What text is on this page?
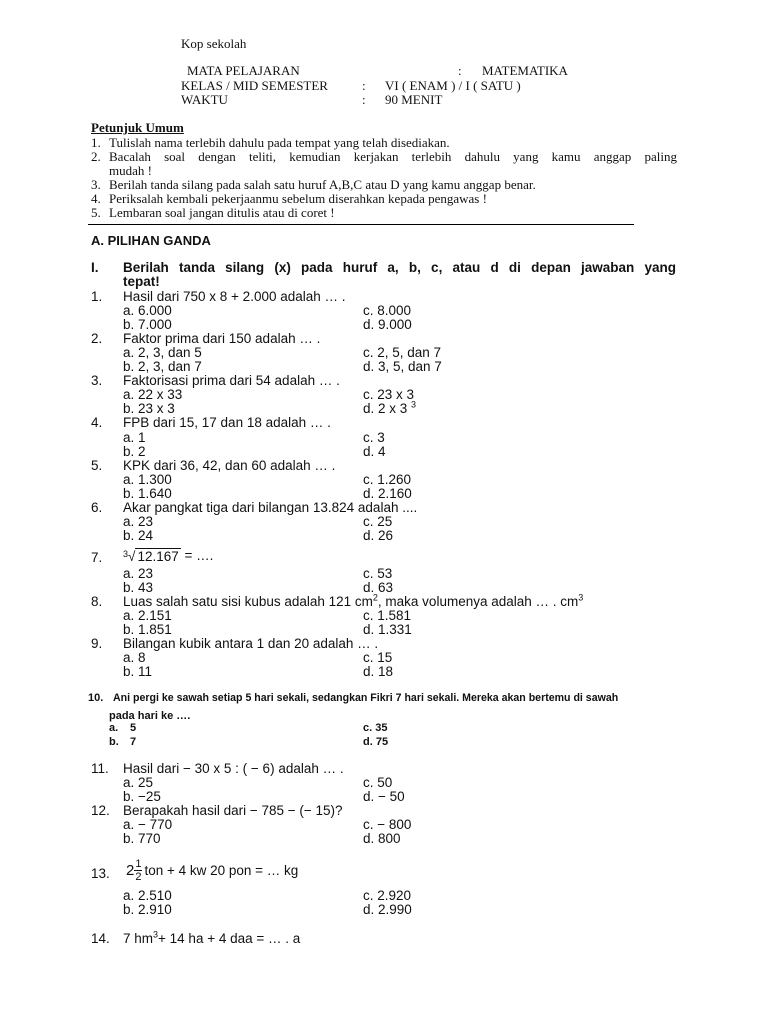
Kop sekolah
MATA PELAJARAN	: MATEMATIKA
KELAS / MID SEMESTER	: VI ( ENAM ) / I ( SATU )
WAKTU	: 90 MENIT
Petunjuk Umum
1. Tulislah nama terlebih dahulu pada tempat yang telah disediakan.
2. Bacalah soal dengan teliti, kemudian kerjakan terlebih dahulu yang kamu anggap paling
mudah !
3. Berilah tanda silang pada salah satu huruf A,B,C atau D yang kamu anggap benar.
4. Periksalah kembali pekerjaanmu sebelum diserahkan kepada pengawas !
5. Lembaran soal jangan ditulis atau di coret !
A. PILIHAN GANDA
I. Berilah tanda silang (x) pada huruf a, b, c, atau d di depan jawaban yang
tepat!
1. Hasil dari 750 x 8 + 2.000 adalah … .
a. 6.000	c. 8.000
b. 7.000	d. 9.000
2. Faktor prima dari 150 adalah … .
a. 2, 3, dan 5	c. 2, 5, dan 7
b. 2, 3, dan 7	d. 3, 5, dan 7
3. Faktorisasi prima dari 54 adalah … .
a. 22 x 33	c. 23 x 3
b. 23 x 3	d. 2 x 3 $^3$
4. FPB dari 15, 17 dan 18 adalah … .
a. 1	c. 3
b. 2	d. 4
5. KPK dari 36, 42, dan 60 adalah … .
a. 1.300	c. 1.260
b. 1.640	d. 2.160
6. Akar pangkat tiga dari bilangan 13.824 adalah ....
a. 23	c. 25
b. 24	d. 26
7. $^3$√ 12.167 = ….
a. 23	c. 53
b. 43	d. 63
8. Luas salah satu sisi kubus adalah 121 $cm^2$, maka volumenya adalah … . $cm^3$
a. 2.151	c. 1.581
b. 1.851	d. 1.331
9. Bilangan kubik antara 1 dan 20 adalah … .
a. 8	c. 15
b. 11	d. 18
10. Ani pergi ke sawah setiap 5 hari sekali, sedangkan Fikri 7 hari sekali. Mereka akan bertemu di sawah
pada hari ke ….
a. 5	c. 35
b. 7	d. 75
11. Hasil dari − 30 x 5 : ( − 6) adalah … .
a. 25	c. 50
b. −25	d. − 50
12. Berapakah hasil dari − 785 − (− 15)?
a. − 770	c. − 800
b. 770	d. 800
13. $2 \frac{1}{2}$ ton + 4 kw 20 pon = … kg
a. 2.510	c. 2.920
b. 2.910	d. 2.990
14. 7 $hm^3+ 14$ ha + 4 daa = … . a
